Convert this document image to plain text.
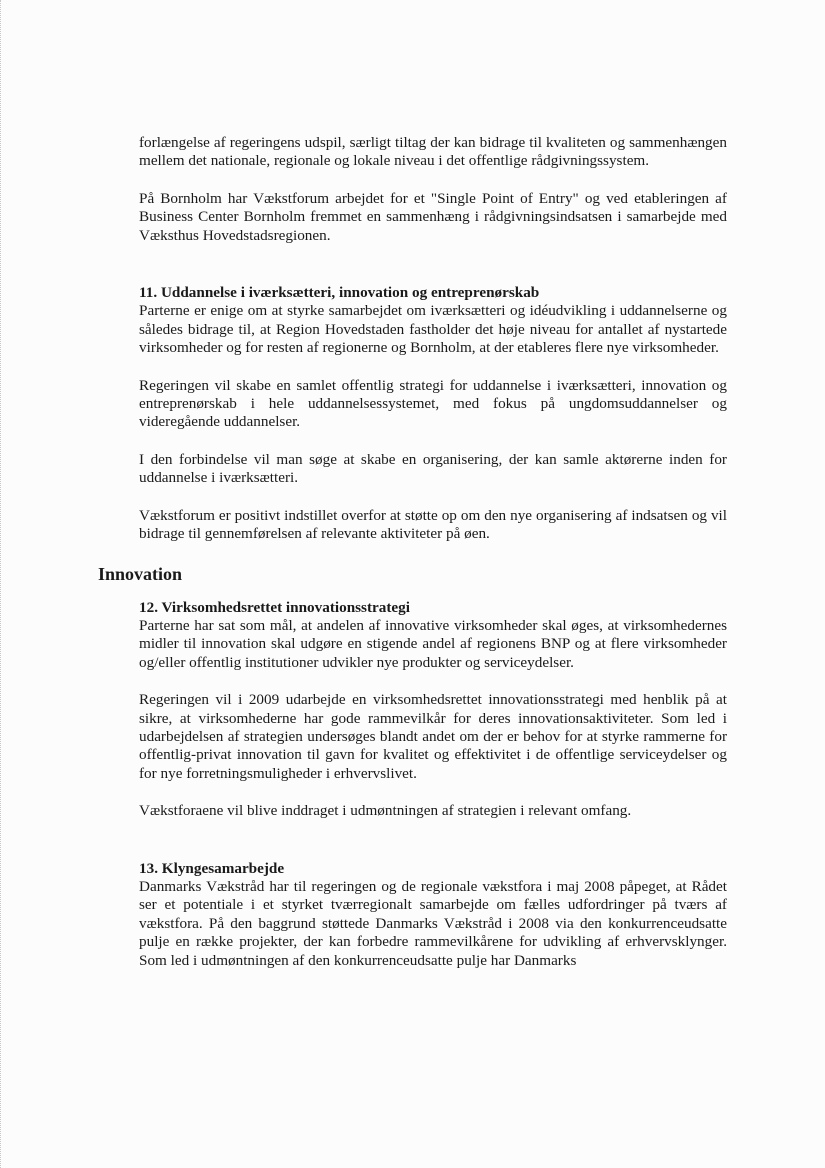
forlængelse af regeringens udspil, særligt tiltag der kan bidrage til kvaliteten og sammenhængen mellem det nationale, regionale og lokale niveau i det offentlige rådgivningssystem.

På Bornholm har Vækstforum arbejdet for et "Single Point of Entry" og ved etableringen af Business Center Bornholm fremmet en sammenhæng i rådgivningsindsatsen i samarbejde med Væksthus Hovedstadsregionen.

11. Uddannelse i iværksætteri, innovation og entreprenørskab

Parterne er enige om at styrke samarbejdet om iværksætteri og idéudvikling i uddannelserne og således bidrage til, at Region Hovedstaden fastholder det høje niveau for antallet af nystartede virksomheder og for resten af regionerne og Bornholm, at der etableres flere nye virksomheder.

Regeringen vil skabe en samlet offentlig strategi for uddannelse i iværksætteri, innovation og entreprenørskab i hele uddannelsessystemet, med fokus på ungdomsuddannelser og videregående uddannelser.

I den forbindelse vil man søge at skabe en organisering, der kan samle aktørerne inden for uddannelse i iværksætteri.

Vækstforum er positivt indstillet overfor at støtte op om den nye organisering af indsatsen og vil bidrage til gennemførelsen af relevante aktiviteter på øen.

Innovation
12. Virksomhedsrettet innovationsstrategi

Parterne har sat som mål, at andelen af innovative virksomheder skal øges, at virksomhedernes midler til innovation skal udgøre en stigende andel af regionens BNP og at flere virksomheder og/eller offentlig institutioner udvikler nye produkter og serviceydelser.

Regeringen vil i 2009 udarbejde en virksomhedsrettet innovationsstrategi med henblik på at sikre, at virksomhederne har gode rammevilkår for deres innovationsaktiviteter. Som led i udarbejdelsen af strategien undersøges blandt andet om der er behov for at styrke rammerne for offentlig-privat innovation til gavn for kvalitet og effektivitet i de offentlige serviceydelser og for nye forretningsmuligheder i erhvervslivet.

Vækstforaene vil blive inddraget i udmøntningen af strategien i relevant omfang.

13. Klyngesamarbejde

Danmarks Vækstråd har til regeringen og de regionale vækstfora i maj 2008 påpeget, at Rådet ser et potentiale i et styrket tværregionalt samarbejde om fælles udfordringer på tværs af vækstfora. På den baggrund støttede Danmarks Vækstråd i 2008 via den konkurrenceudsatte pulje en række projekter, der kan forbedre rammevilkårene for udvikling af erhvervsklynger. Som led i udmøntningen af den konkurrenceudsatte pulje har Danmarks
